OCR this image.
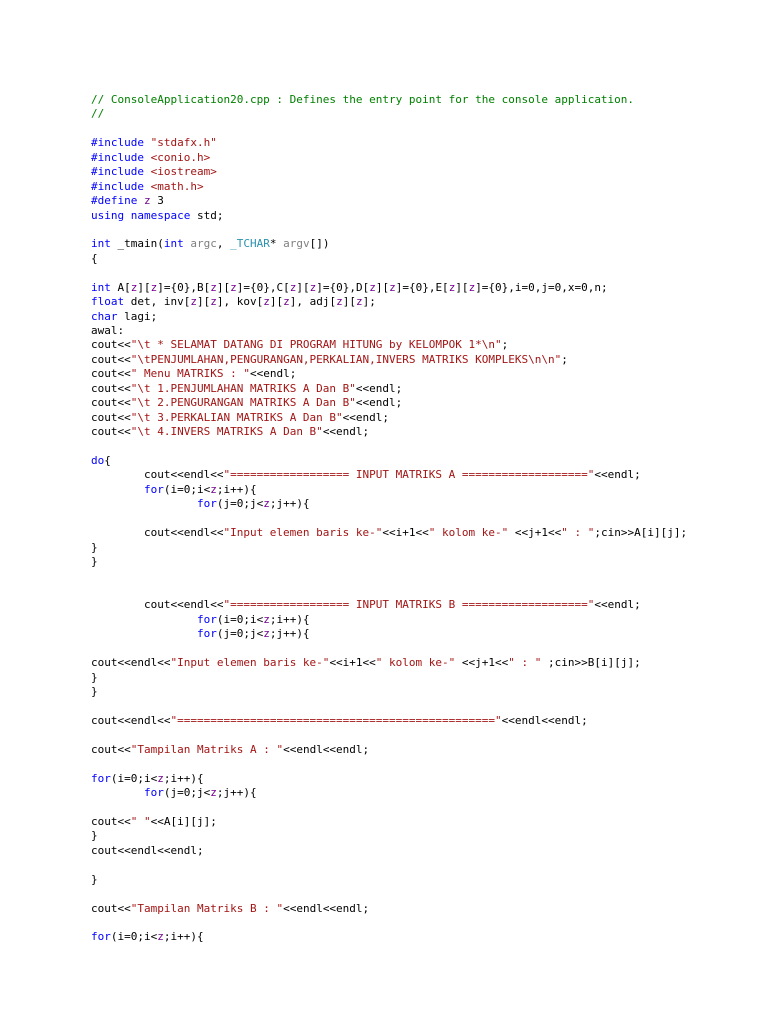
// ConsoleApplication20.cpp : Defines the entry point for the console application.
//

#include "stdafx.h"
#include <conio.h>
#include <iostream>
#include <math.h>
#define z 3
using namespace std;

int _tmain(int argc, _TCHAR* argv[])
{

int A[z][z]={0},B[z][z]={0},C[z][z]={0},D[z][z]={0},E[z][z]={0},i=0,j=0,x=0,n;
float det, inv[z][z], kov[z][z], adj[z][z];
char lagi;
awal:
cout<<"\t * SELAMAT DATANG DI PROGRAM HITUNG by KELOMPOK 1*\n";
cout<<"\tPENJUMLAHAN,PENGURANGAN,PERKALIAN,INVERS MATRIKS KOMPLEKS\n\n";
cout<<" Menu MATRIKS : "<<endl;
cout<<"\t 1.PENJUMLAHAN MATRIKS A Dan B"<<endl;
cout<<"\t 2.PENGURANGAN MATRIKS A Dan B"<<endl;
cout<<"\t 3.PERKALIAN MATRIKS A Dan B"<<endl;
cout<<"\t 4.INVERS MATRIKS A Dan B"<<endl;

do{
cout<<endl<<"================== INPUT MATRIKS A ==================="<<endl;
for(i=0;i<z;i++){
for(j=0;j<z;j++){

cout<<endl<<"Input elemen baris ke-"<<i+1<<" kolom ke-" <<j+1<<" : ";cin>>A[i][j];
}
}

cout<<endl<<"================== INPUT MATRIKS B ==================="<<endl;
for(i=0;i<z;i++){
for(j=0;j<z;j++){

cout<<endl<<"Input elemen baris ke-"<<i+1<<" kolom ke-" <<j+1<<" : " ;cin>>B[i][j];
}
}

cout<<endl<<"================================================"<<endl<<endl;

cout<<"Tampilan Matriks A : "<<endl<<endl;

for(i=0;i<z;i++){
for(j=0;j<z;j++){

cout<<" "<<A[i][j];
}
cout<<endl<<endl;

}

cout<<"Tampilan Matriks B : "<<endl<<endl;

for(i=0;i<z;i++){
